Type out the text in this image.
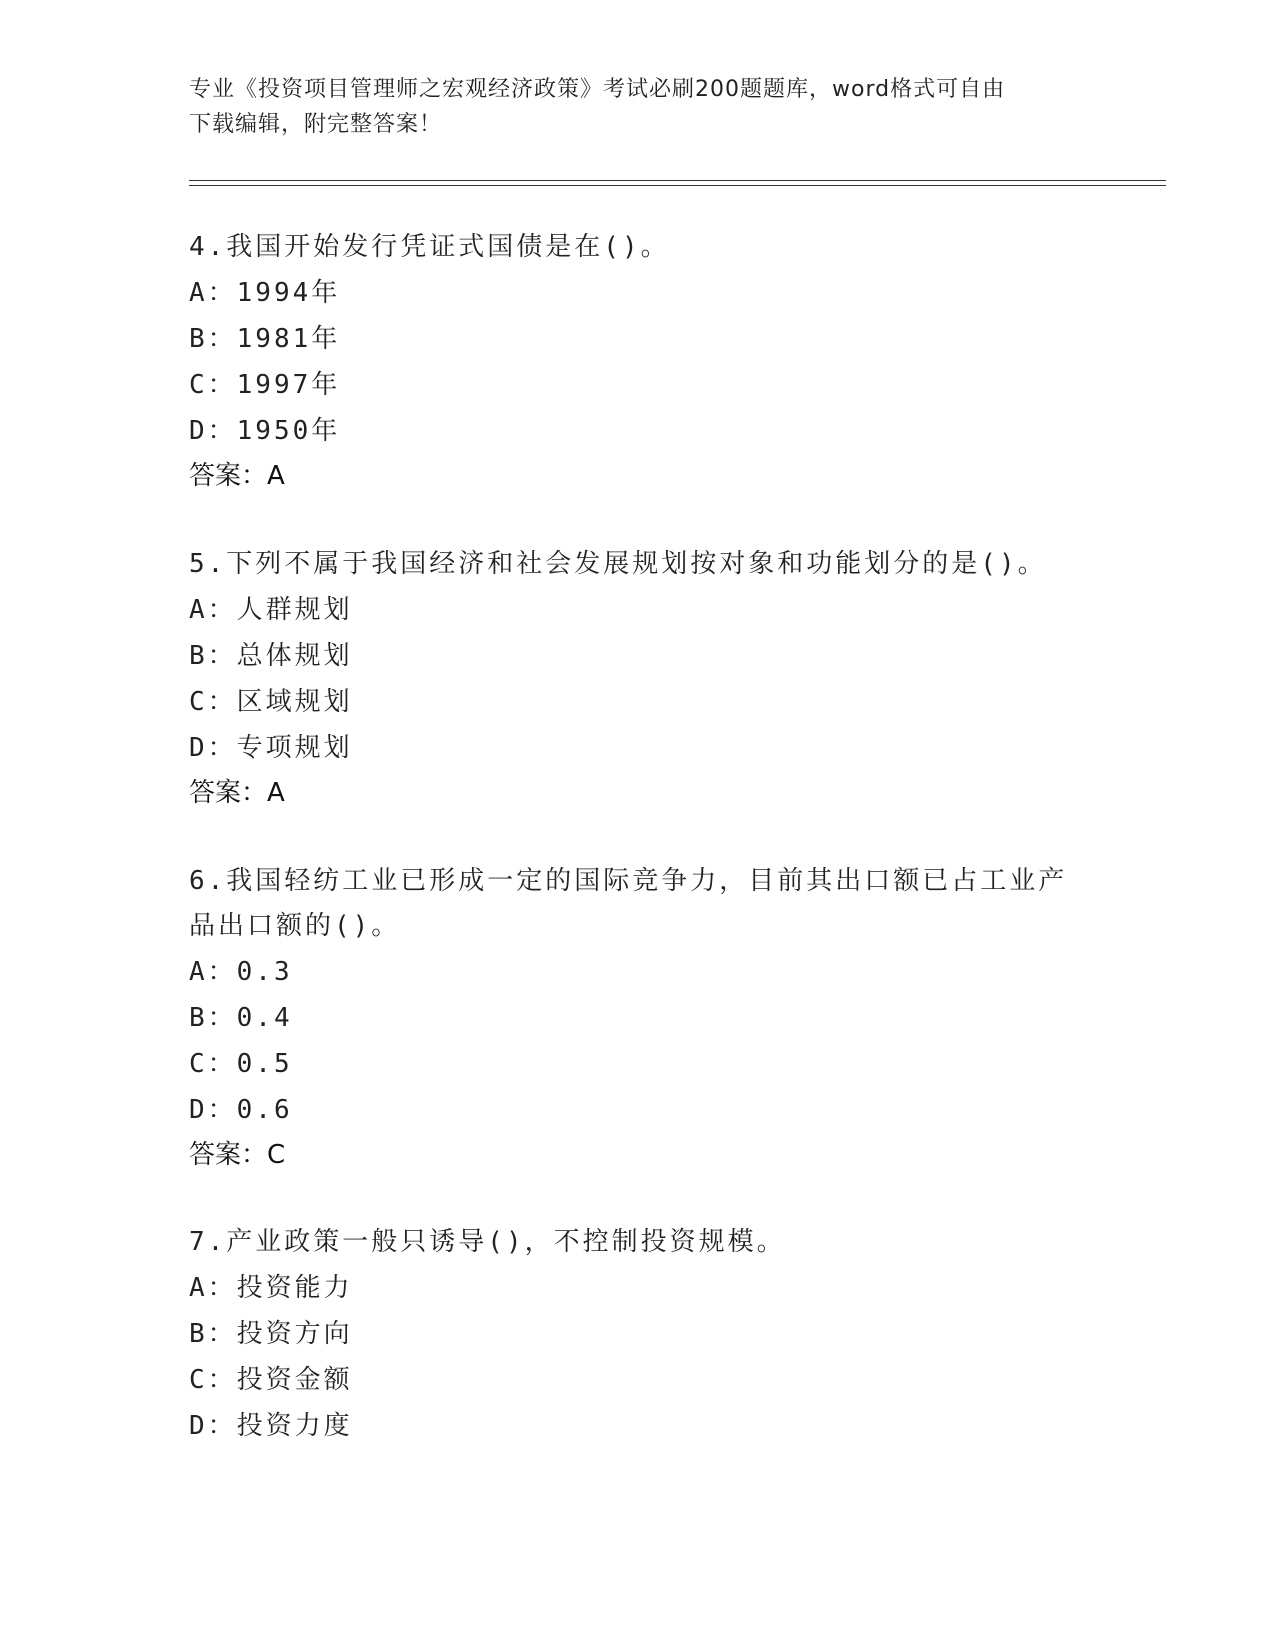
专业《投资项目管理师之宏观经济政策》考试必刷200题题库，word格式可自由
下载编辑，附完整答案！
4.我国开始发行凭证式国债是在()。
A：1994年
B：1981年
C：1997年
D：1950年
答案：A
5.下列不属于我国经济和社会发展规划按对象和功能划分的是()。
A：人群规划
B：总体规划
C：区域规划
D：专项规划
答案：A
6.我国轻纺工业已形成一定的国际竞争力，目前其出口额已占工业产
品出口额的()。
A：0.3
B：0.4
C：0.5
D：0.6
答案：C
7.产业政策一般只诱导()，不控制投资规模。
A：投资能力
B：投资方向
C：投资金额
D：投资力度
